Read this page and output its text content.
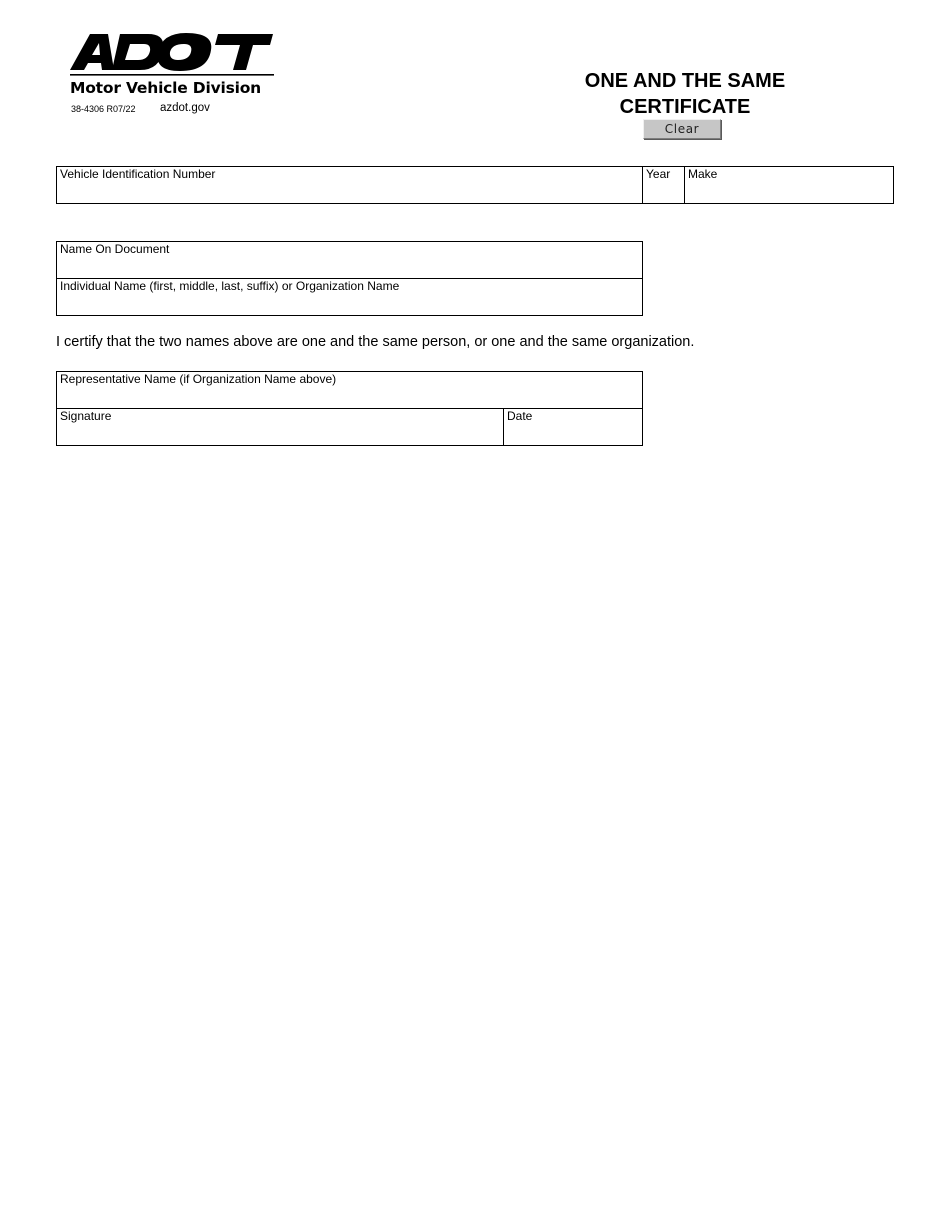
Motor Vehicle Division
38-4306 R07/22 azdot.gov
ONE AND THE SAME
CERTIFICATE
Clear
Vehicle Identification Number	Year Make
Name On Document
Individual Name (first, middle, last, suffix) or Organization Name
I certify that the two names above are one and the same person, or one and the same organization.
Representative Name (if Organization Name above)
Signature	Date
